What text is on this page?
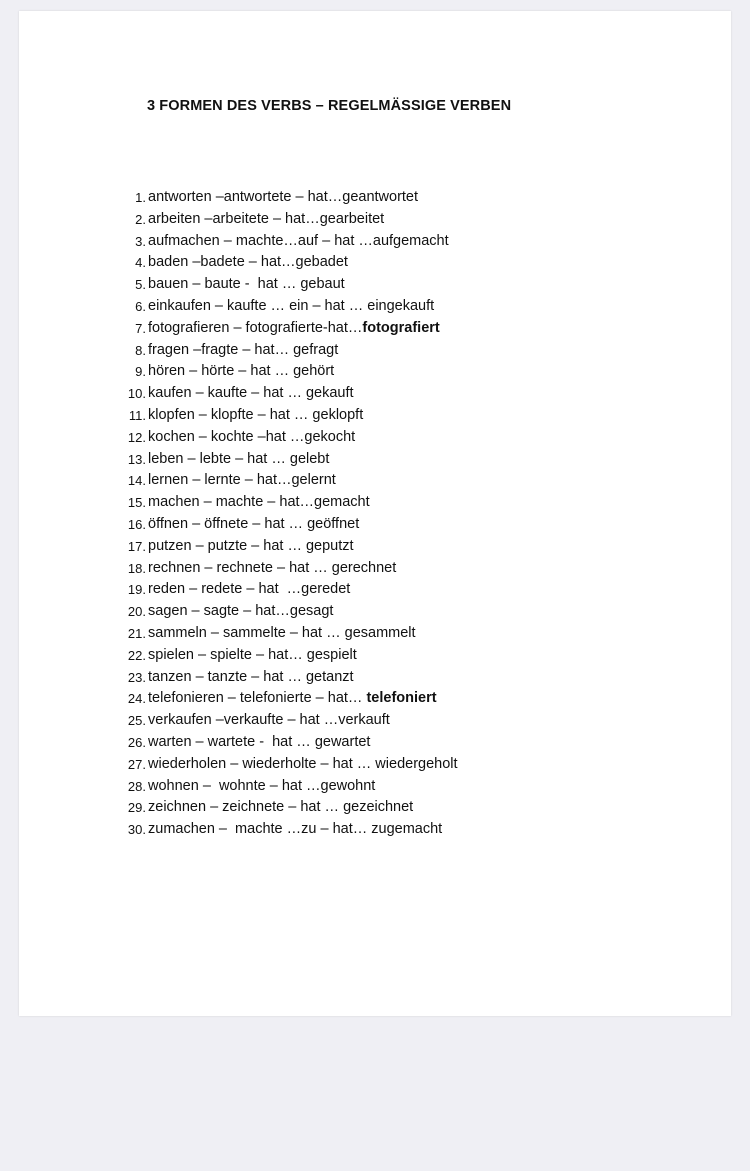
3 FORMEN DES VERBS – REGELMÄSSIGE VERBEN
1. antworten –antwortete – hat…geantwortet
2. arbeiten –arbeitete – hat…gearbeitet
3. aufmachen – machte…auf – hat …aufgemacht
4. baden –badete – hat…gebadet
5. bauen – baute -  hat … gebaut
6. einkaufen – kaufte … ein – hat … eingekauft
7. fotografieren – fotografierte-hat…fotografiert
8. fragen –fragte – hat… gefragt
9. hören – hörte – hat … gehört
10. kaufen – kaufte – hat … gekauft
11. klopfen – klopfte – hat … geklopft
12. kochen – kochte –hat …gekocht
13. leben – lebte – hat … gelebt
14. lernen – lernte – hat…gelernt
15. machen – machte – hat…gemacht
16. öffnen – öffnete – hat … geöffnet
17. putzen – putzte – hat … geputzt
18. rechnen – rechnete – hat … gerechnet
19. reden – redete – hat  …geredet
20. sagen – sagte – hat…gesagt
21. sammeln – sammelte – hat … gesammelt
22. spielen – spielte – hat… gespielt
23. tanzen – tanzte – hat … getanzt
24. telefonieren – telefonierte – hat… telefoniert
25. verkaufen –verkaufte – hat …verkauft
26. warten – wartete -  hat … gewartet
27. wiederholen – wiederholte – hat … wiedergeholt
28. wohnen –  wohnte – hat …gewohnt
29. zeichnen – zeichnete – hat … gezeichnet
30. zumachen –  machte …zu – hat… zugemacht
